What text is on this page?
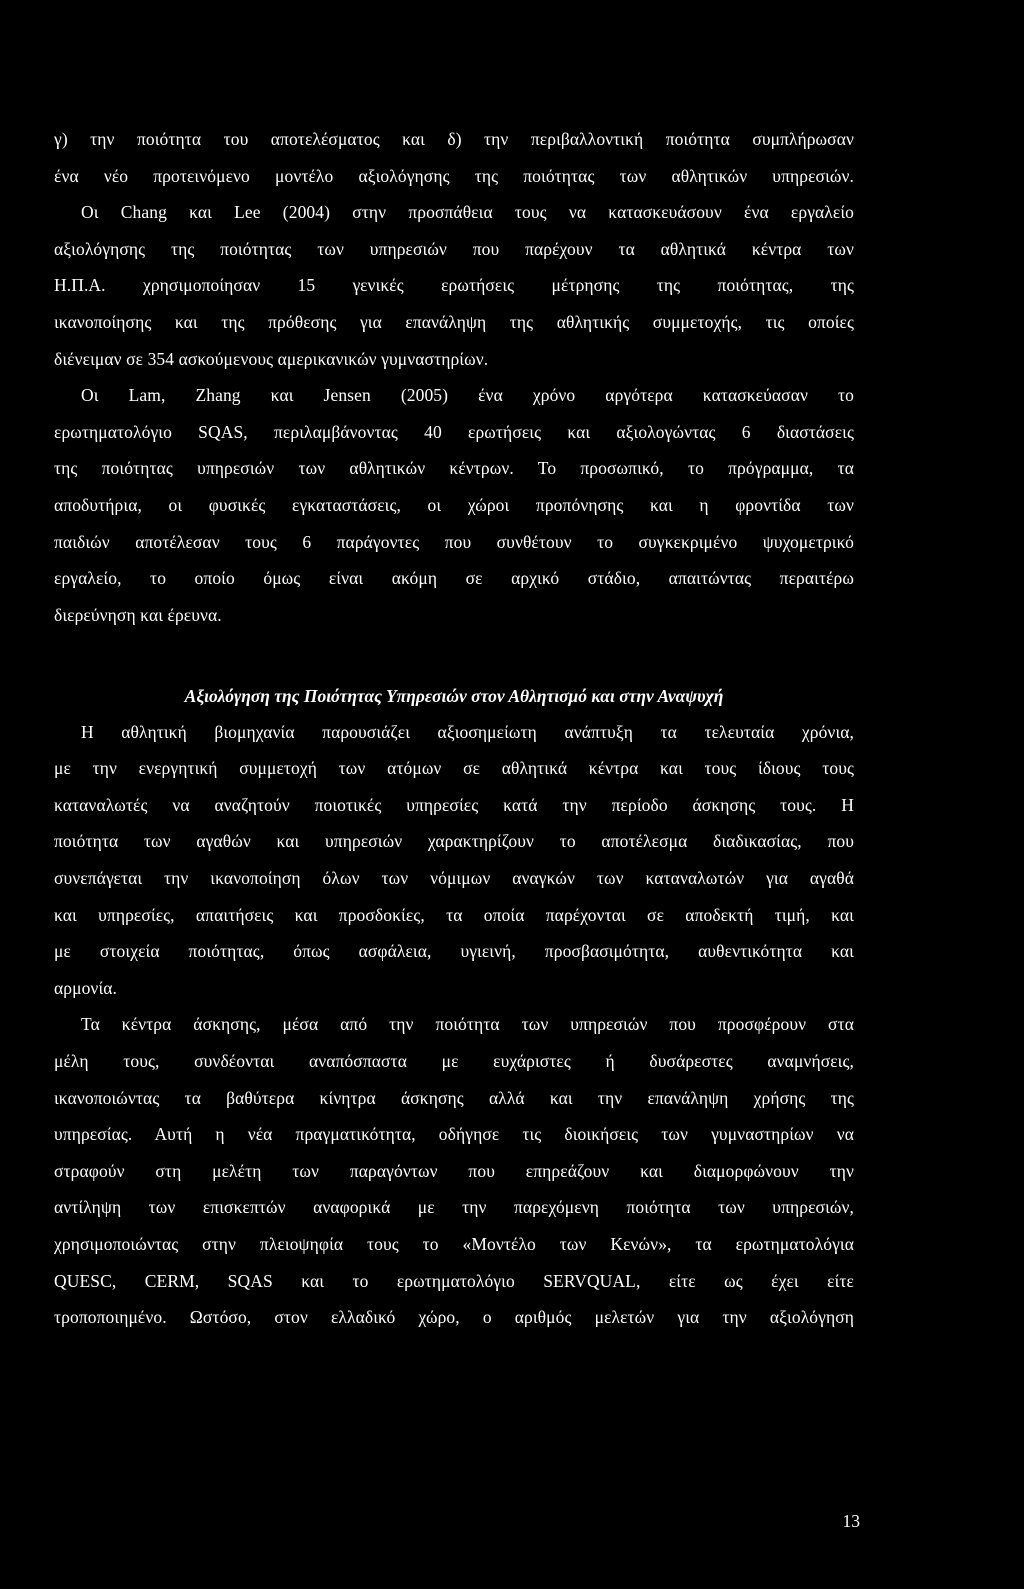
γ) την ποιότητα του αποτελέσματος και δ) την περιβαλλοντική ποιότητα συμπλήρωσαν
ένα νέο προτεινόμενο μοντέλο αξιολόγησης της ποιότητας των αθλητικών υπηρεσιών.
Οι Chang και Lee (2004) στην προσπάθεια τους να κατασκευάσουν ένα εργαλείο
αξιολόγησης της ποιότητας των υπηρεσιών που παρέχουν τα αθλητικά κέντρα των
Η.Π.Α. χρησιμοποίησαν 15 γενικές ερωτήσεις μέτρησης της ποιότητας, της
ικανοποίησης και της πρόθεσης για επανάληψη της αθλητικής συμμετοχής, τις οποίες
διένειμαν σε 354 ασκούμενους αμερικανικών γυμναστηρίων.
Οι Lam, Zhang και Jensen (2005) ένα χρόνο αργότερα κατασκεύασαν το
ερωτηματολόγιο SQAS, περιλαμβάνοντας 40 ερωτήσεις και αξιολογώντας 6 διαστάσεις
της ποιότητας υπηρεσιών των αθλητικών κέντρων. Το προσωπικό, το πρόγραμμα, τα
αποδυτήρια, οι φυσικές εγκαταστάσεις, οι χώροι προπόνησης και η φροντίδα των
παιδιών αποτέλεσαν τους 6 παράγοντες που συνθέτουν το συγκεκριμένο ψυχομετρικό
εργαλείο, το οποίο όμως είναι ακόμη σε αρχικό στάδιο, απαιτώντας περαιτέρω
διερεύνηση και έρευνα.
Αξιολόγηση της Ποιότητας Υπηρεσιών στον Αθλητισμό και στην Αναψυχή
Η αθλητική βιομηχανία παρουσιάζει αξιοσημείωτη ανάπτυξη τα τελευταία χρόνια,
με την ενεργητική συμμετοχή των ατόμων σε αθλητικά κέντρα και τους ίδιους τους
καταναλωτές να αναζητούν ποιοτικές υπηρεσίες κατά την περίοδο άσκησης τους. Η
ποιότητα των αγαθών και υπηρεσιών χαρακτηρίζουν το αποτέλεσμα διαδικασίας, που
συνεπάγεται την ικανοποίηση όλων των νόμιμων αναγκών των καταναλωτών για αγαθά
και υπηρεσίες, απαιτήσεις και προσδοκίες, τα οποία παρέχονται σε αποδεκτή τιμή, και
με στοιχεία ποιότητας, όπως ασφάλεια, υγιεινή, προσβασιμότητα, αυθεντικότητα και
αρμονία.
Τα κέντρα άσκησης, μέσα από την ποιότητα των υπηρεσιών που προσφέρουν στα
μέλη τους, συνδέονται αναπόσπαστα με ευχάριστες ή δυσάρεστες αναμνήσεις,
ικανοποιώντας τα βαθύτερα κίνητρα άσκησης αλλά και την επανάληψη χρήσης της
υπηρεσίας. Αυτή η νέα πραγματικότητα, οδήγησε τις διοικήσεις των γυμναστηρίων να
στραφούν στη μελέτη των παραγόντων που επηρεάζουν και διαμορφώνουν την
αντίληψη των επισκεπτών αναφορικά με την παρεχόμενη ποιότητα των υπηρεσιών,
χρησιμοποιώντας στην πλειοψηφία τους το «Μοντέλο των Κενών», τα ερωτηματολόγια
QUESC, CERM, SQAS και το ερωτηματολόγιο SERVQUAL, είτε ως έχει είτε
τροποποιημένο. Ωστόσο, στον ελλαδικό χώρο, ο αριθμός μελετών για την αξιολόγηση
13
